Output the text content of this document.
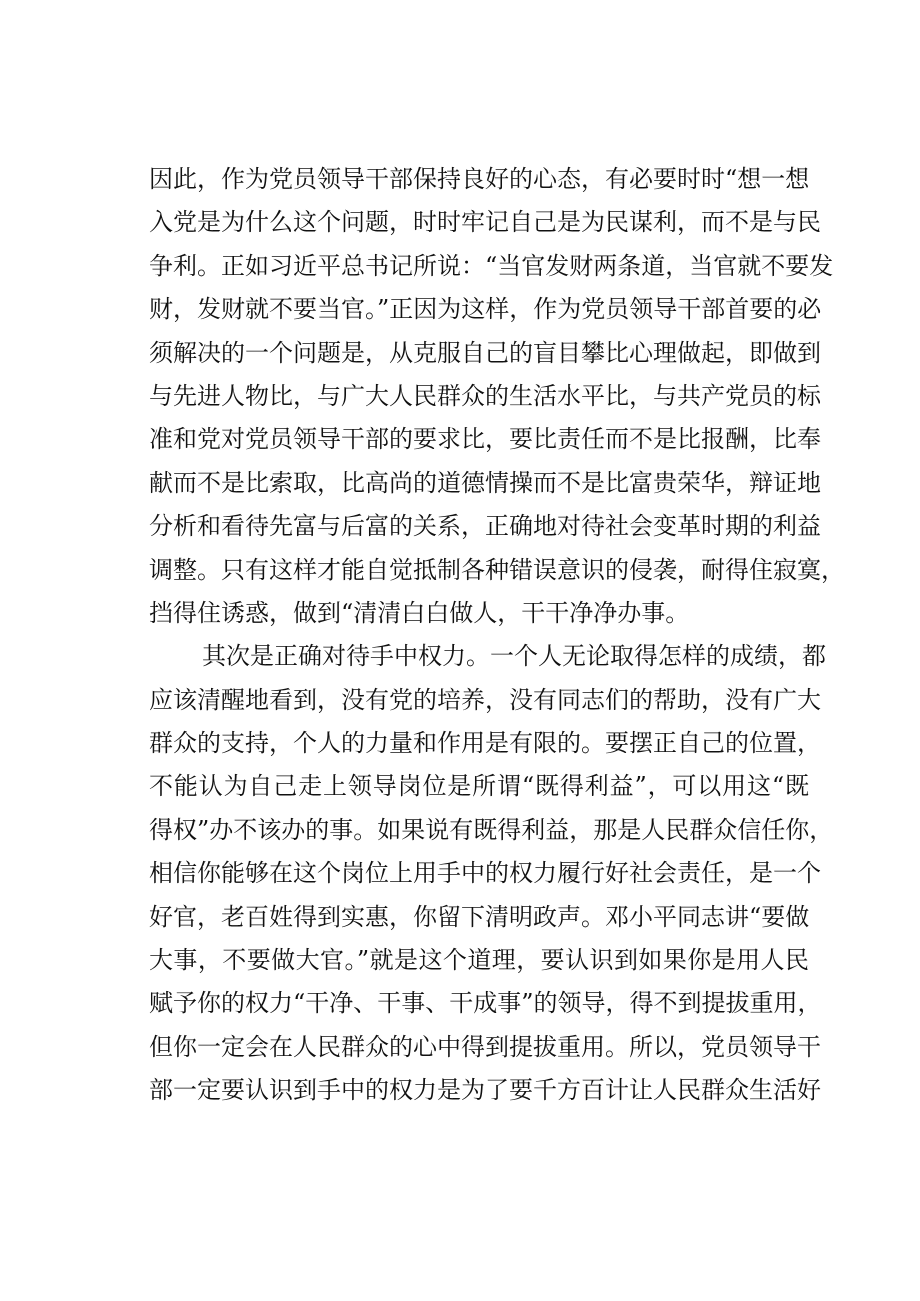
因此，作为党员领导干部保持良好的心态，有必要时时“想一想
入党是为什么这个问题，时时牢记自己是为民谋利，而不是与民
争利。正如习近平总书记所说：“当官发财两条道，当官就不要发
财，发财就不要当官。”正因为这样，作为党员领导干部首要的必
须解决的一个问题是，从克服自己的盲目攀比心理做起，即做到
与先进人物比，与广大人民群众的生活水平比，与共产党员的标
准和党对党员领导干部的要求比，要比责任而不是比报酬，比奉
献而不是比索取，比高尚的道德情操而不是比富贵荣华，辩证地
分析和看待先富与后富的关系，正确地对待社会变革时期的利益
调整。只有这样才能自觉抵制各种错误意识的侵袭，耐得住寂寞，
挡得住诱惑，做到“清清白白做人，干干净净办事。
其次是正确对待手中权力。一个人无论取得怎样的成绩，都
应该清醒地看到，没有党的培养，没有同志们的帮助，没有广大
群众的支持，个人的力量和作用是有限的。要摆正自己的位置，
不能认为自己走上领导岗位是所谓“既得利益”，可以用这“既
得权”办不该办的事。如果说有既得利益，那是人民群众信任你，
相信你能够在这个岗位上用手中的权力履行好社会责任，是一个
好官，老百姓得到实惠，你留下清明政声。邓小平同志讲“要做
大事，不要做大官。”就是这个道理，要认识到如果你是用人民
赋予你的权力“干净、干事、干成事”的领导，得不到提拔重用，
但你一定会在人民群众的心中得到提拔重用。所以，党员领导干
部一定要认识到手中的权力是为了要千方百计让人民群众生活好
